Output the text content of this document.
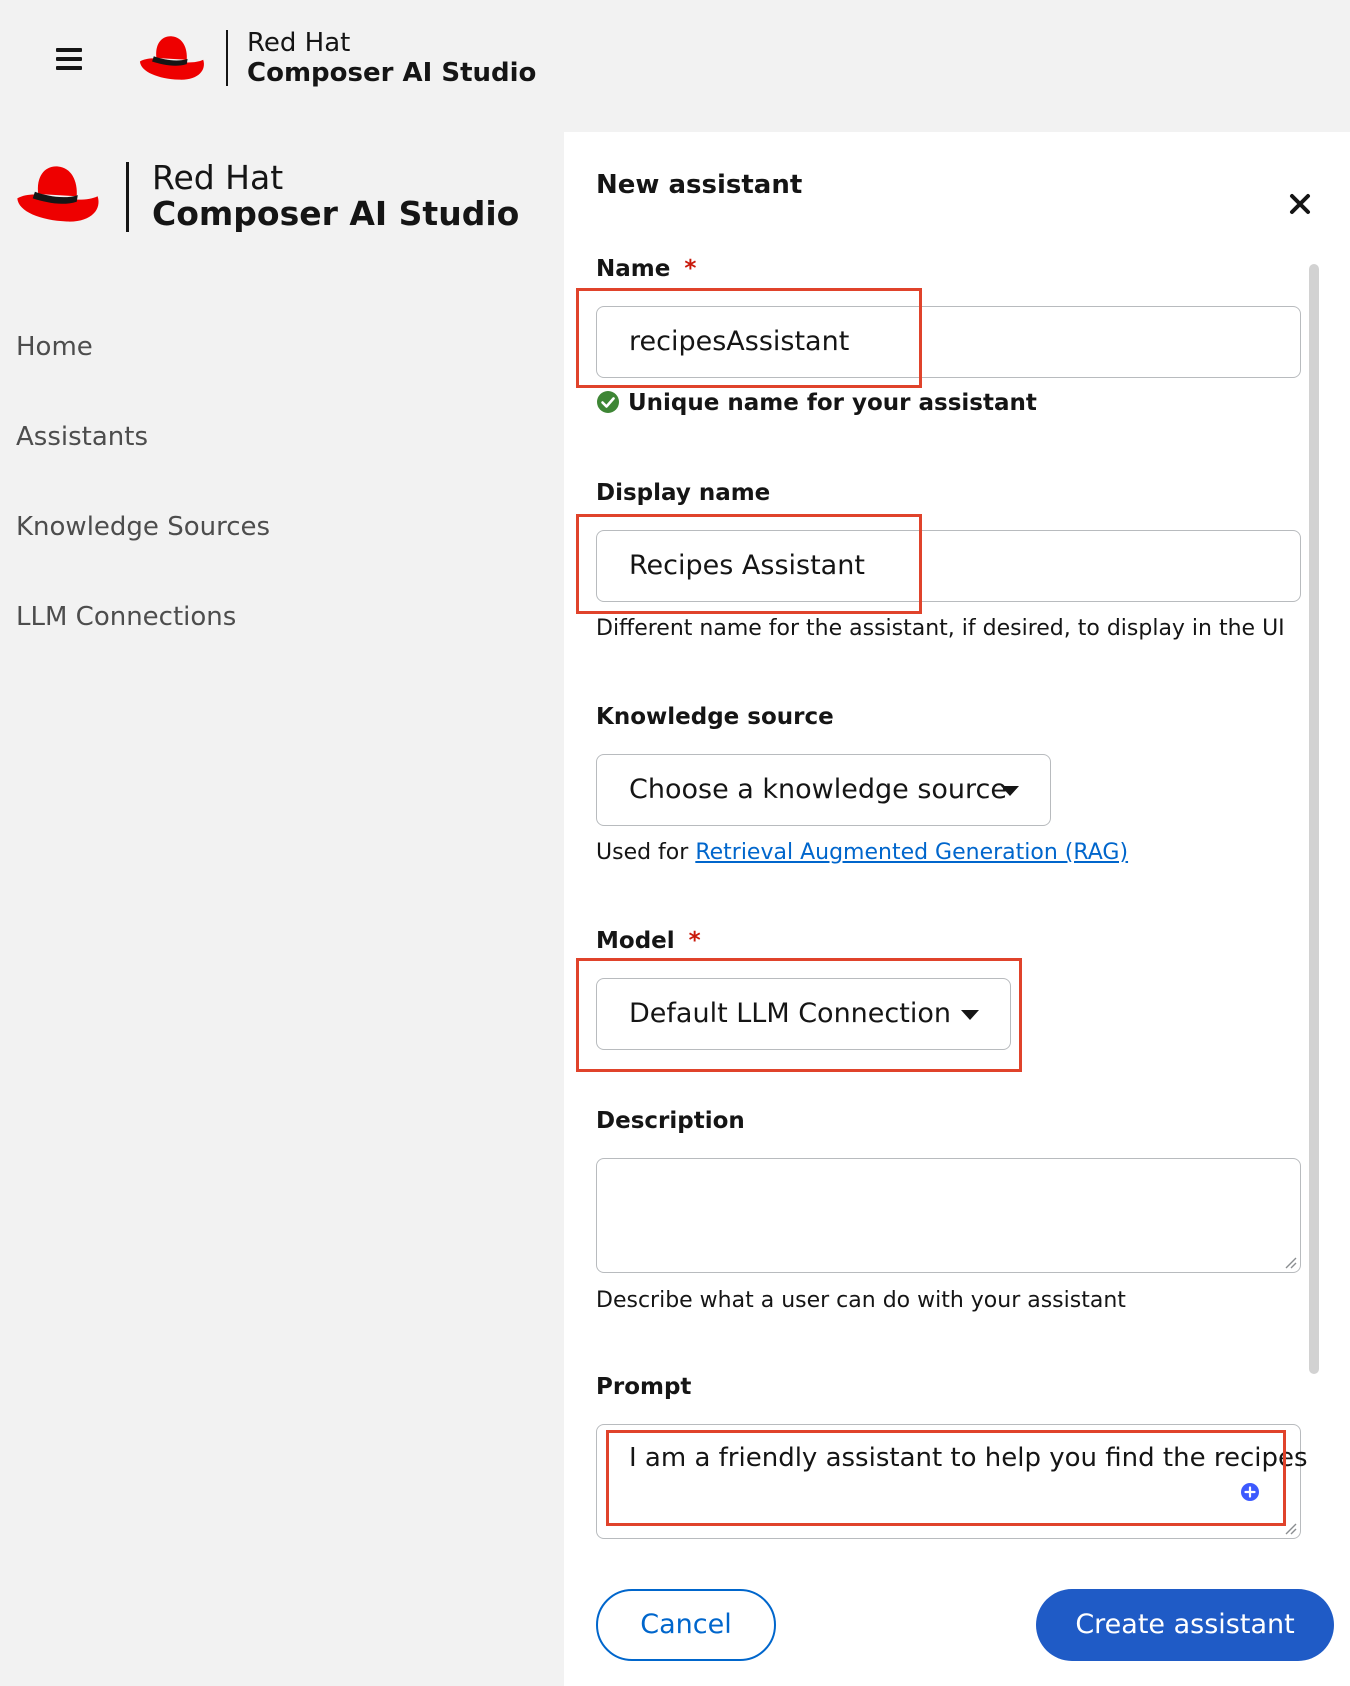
Red Hat
Composer AI Studio
Red Hat
Composer AI Studio
Home
Assistants
Knowledge Sources
LLM Connections
New assistant
Name *
recipesAssistant
Unique name for your assistant
Display name
Recipes Assistant
Different name for the assistant, if desired, to display in the UI
Knowledge source
Choose a knowledge source
Used for Retrieval Augmented Generation (RAG)
Model *
Default LLM Connection
Description
Describe what a user can do with your assistant
Prompt
I am a friendly assistant to help you find the recipes
Cancel	Create assistant
